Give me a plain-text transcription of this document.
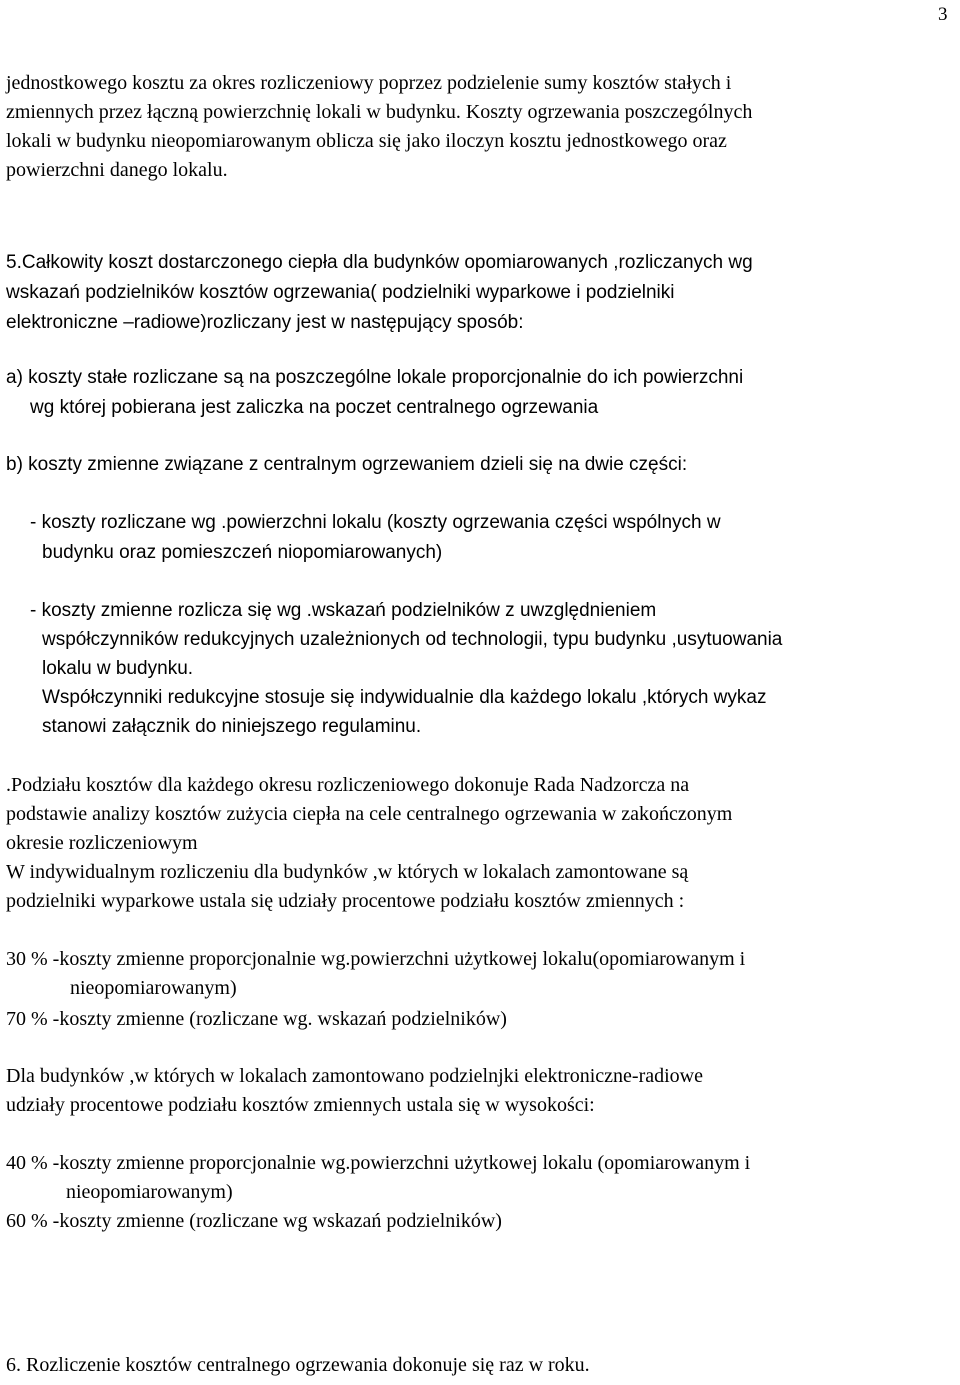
3

jednostkowego kosztu za okres rozliczeniowy poprzez podzielenie sumy kosztów stałych i

zmiennych przez łączną powierzchnię lokali w budynku. Koszty ogrzewania poszczególnych

lokali w budynku nieopomiarowanym oblicza się jako iloczyn kosztu jednostkowego oraz

powierzchni danego lokalu.

5.Całkowity koszt dostarczonego ciepła dla budynków opomiarowanych ,rozliczanych wg

wskazań podzielników kosztów ogrzewania( podzielniki wyparkowe i podzielniki

elektroniczne –radiowe)rozliczany jest w następujący sposób:

a) koszty stałe rozliczane są na poszczególne lokale proporcjonalnie do ich powierzchni

wg której pobierana jest zaliczka na poczet centralnego ogrzewania

b) koszty zmienne związane z centralnym ogrzewaniem dzieli się na dwie części:

- koszty rozliczane wg .powierzchni lokalu (koszty ogrzewania części wspólnych w

budynku oraz pomieszczeń niopomiarowanych)

- koszty zmienne rozlicza się wg .wskazań podzielników z uwzględnieniem

współczynników redukcyjnych uzależnionych od technologii, typu budynku ,usytuowania

lokalu w budynku.

Współczynniki redukcyjne stosuje się indywidualnie dla każdego lokalu ,których wykaz

stanowi załącznik do niniejszego regulaminu.

.Podziału kosztów dla każdego okresu rozliczeniowego dokonuje Rada Nadzorcza na

podstawie analizy kosztów zużycia ciepła na cele centralnego ogrzewania w zakończonym

okresie rozliczeniowym

W indywidualnym rozliczeniu dla budynków ,w których w lokalach zamontowane są

podzielniki wyparkowe ustala się udziały procentowe podziału kosztów zmiennych :

30 % -koszty zmienne proporcjonalnie wg.powierzchni użytkowej lokalu(opomiarowanym i

nieopomiarowanym)

70 % -koszty zmienne (rozliczane wg. wskazań podzielników)

Dla budynków ,w których w lokalach zamontowano podzielnjki elektroniczne-radiowe

udziały procentowe podziału kosztów zmiennych ustala się w wysokości:

40 % -koszty zmienne proporcjonalnie wg.powierzchni użytkowej lokalu (opomiarowanym i

nieopomiarowanym)

60 % -koszty zmienne (rozliczane wg wskazań podzielników)

6. Rozliczenie kosztów centralnego ogrzewania dokonuje się raz w roku.
